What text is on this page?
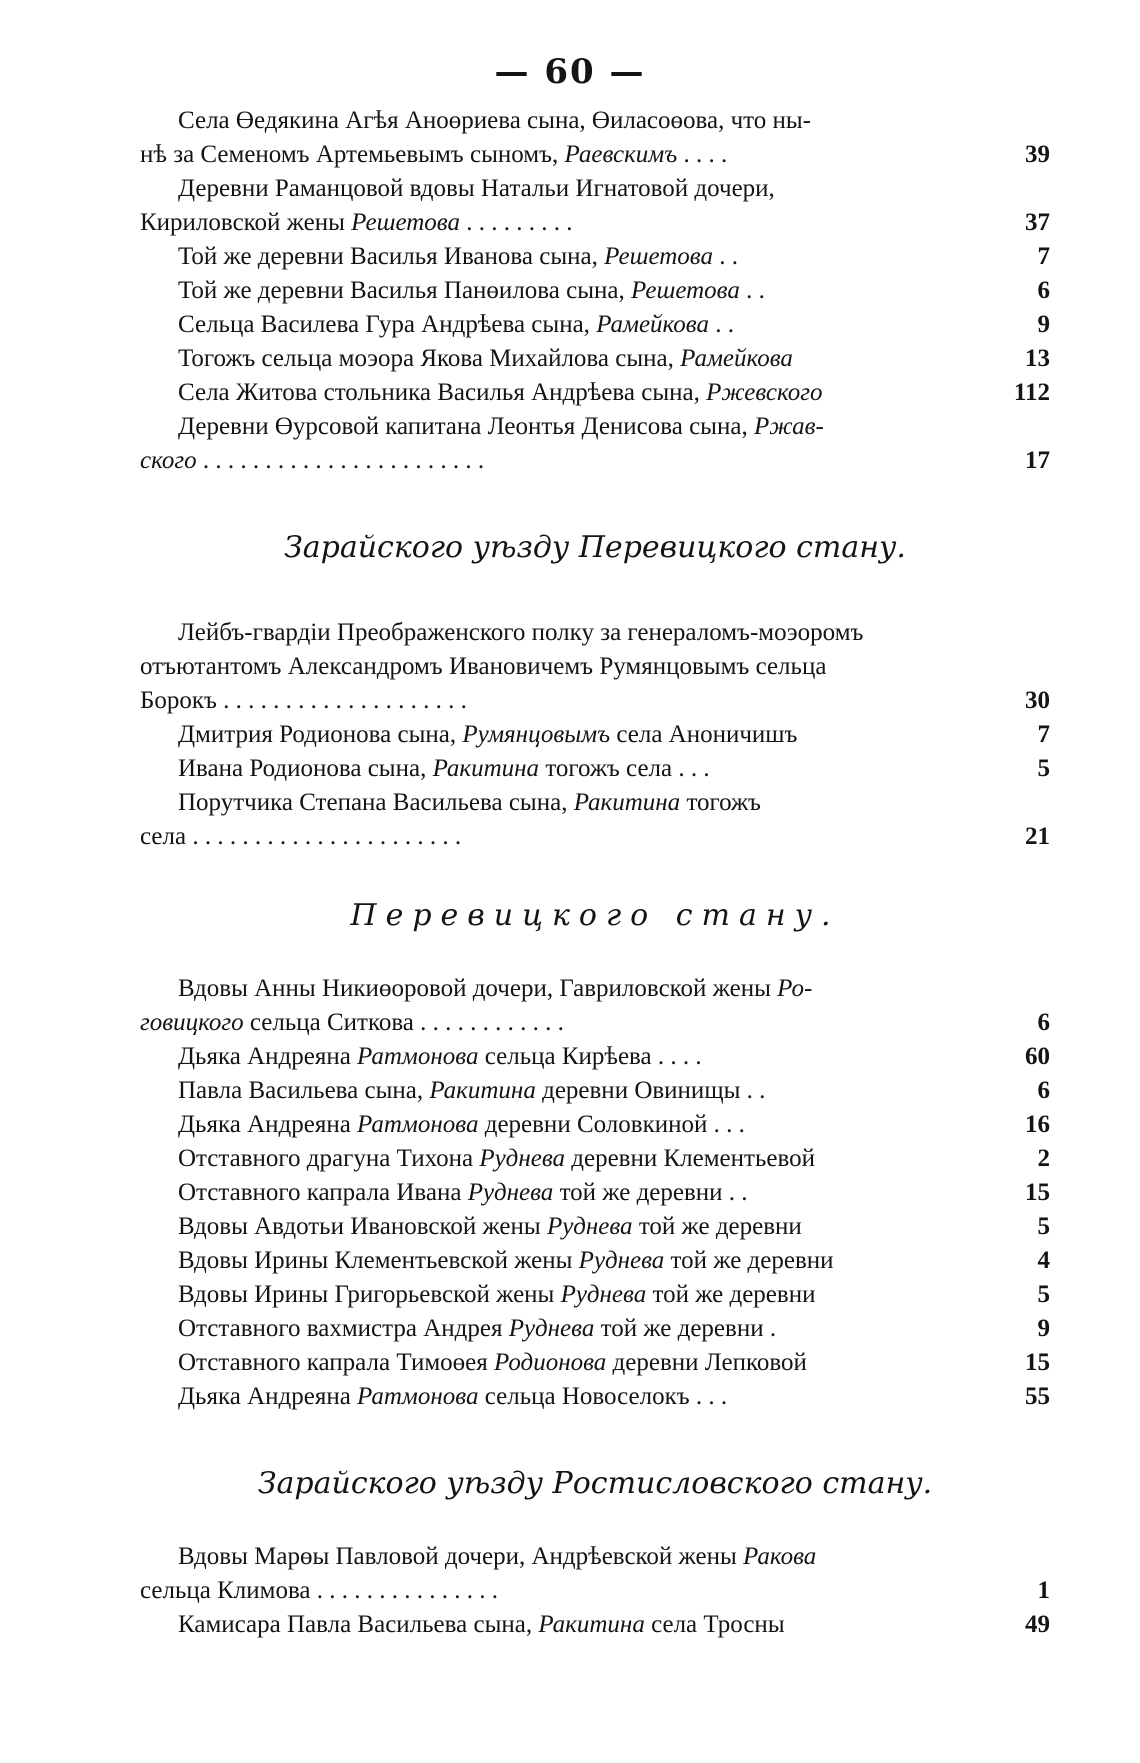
— 60 —
Села Өедякина Агѣя Аноөриева сына, Өиласоөова, что ны-
нѣ за Семеномъ Артемьевымъ сыномъ, Раевскимъ . . . .	39
Деревни Раманцовой вдовы Натальи Игнатовой дочери,
Кириловской жены Решетова . . . . . . . . .	37
Той же деревни Василья Иванова сына, Решетова . .	7
Той же деревни Василья Панөилова сына, Решетова . .	6
Сельца Василева Гура Андрѣева сына, Рамейкова . .	9
Тогожъ сельца моэора Якова Михайлова сына, Рамейкова	13
Села Житова стольника Василья Андрѣева сына, Ржевского	112
Деревни Өурсовой капитана Леонтья Денисова сына, Ржав-
ского . . . . . . . . . . . . . . . . . . . . . . .	17
Зарайского уѣзду Перевицкого стану.
Лейбъ-гвардіи Преображенского полку за генераломъ-моэоромъ
отъютантомъ Александромъ Ивановичемъ Румянцовымъ сельца
Борокъ . . . . . . . . . . . . . . . . . . . .	30
Дмитрия Родионова сына, Румянцовымъ села Аноничишъ	7
Ивана Родионова сына, Ракитина тогожъ села . . .	5
Порутчика Степана Васильева сына, Ракитина тогожъ
села . . . . . . . . . . . . . . . . . . . . . .	21
Перевицкого стану.
Вдовы Анны Никиөоровой дочери, Гавриловской жены Ро-
говицкого сельца Ситкова . . . . . . . . . . . .	6
Дьяка Андреяна Ратмонова сельца Кирѣева . . . .	60
Павла Васильева сына, Ракитина деревни Овинищы . .	6
Дьяка Андреяна Ратмонова деревни Соловкиной . . .	16
Отставного драгуна Тихона Руднева деревни Клементьевой	2
Отставного капрала Ивана Руднева той же деревни . .	15
Вдовы Авдотьи Ивановской жены Руднева той же деревни	5
Вдовы Ирины Клементьевской жены Руднева той же деревни	4
Вдовы Ирины Григорьевской жены Руднева той же деревни	5
Отставного вахмистра Андрея Руднева той же деревни .	9
Отставного капрала Тимоөея Родионова деревни Лепковой	15
Дьяка Андреяна Ратмонова сельца Новоселокъ . . .	55
Зарайского уѣзду Ростисловского стану.
Вдовы Марөы Павловой дочери, Андрѣевской жены Ракова
сельца Климова . . . . . . . . . . . . . . .	1
Камисара Павла Васильева сына, Ракитина села Тросны	49
